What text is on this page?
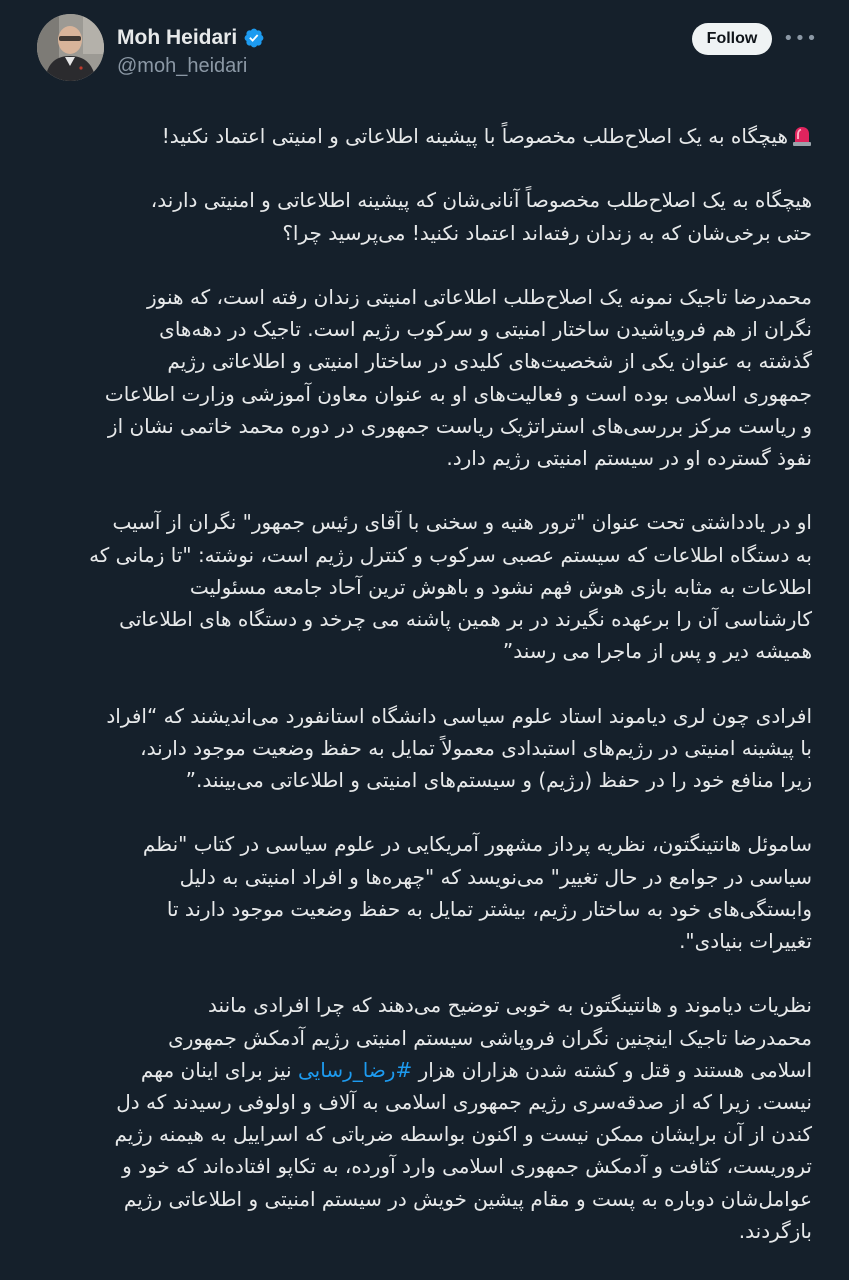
Moh Heidari
@moh_heidari
Follow	•••

هیچگاه به یک اصلاح‌طلب مخصوصاً با پیشینه اطلاعاتی و امنیتی اعتماد نکنید!

هیچگاه به یک اصلاح‌طلب مخصوصاً آنانی‌شان که پیشینه اطلاعاتی و امنیتی دارند،
حتی برخی‌شان که به زندان رفته‌اند اعتماد نکنید! می‌پرسید چرا؟

محمدرضا تاجیک نمونه یک اصلاح‌طلب اطلاعاتی امنیتی زندان رفته است، که هنوز
نگران از هم فروپاشیدن ساختار امنیتی و سرکوب رژیم است. تاجیک در دهه‌های
گذشته به عنوان یکی از شخصیت‌های کلیدی در ساختار امنیتی و اطلاعاتی رژیم
جمهوری اسلامی بوده است و فعالیت‌های او به عنوان معاون آموزشی وزارت اطلاعات
و ریاست مرکز بررسی‌های استراتژیک ریاست جمهوری در دوره محمد خاتمی نشان از
نفوذ گسترده او در سیستم امنیتی رژیم دارد.

او در یادداشتی تحت عنوان "ترور هنیه و سخنی با آقای رئیس جمهور" نگران از آسیب
به دستگاه اطلاعات که سیستم عصبی سرکوب و کنترل رژیم است، نوشته: "تا زمانی که
اطلاعات به مثابه بازی هوش فهم نشود و باهوش ترین آحاد جامعه مسئولیت
کارشناسی آن را برعهده نگیرند در بر همین پاشنه می چرخد و دستگاه های اطلاعاتی
همیشه دیر و پس از ماجرا می رسند”

افرادی چون لری دیاموند استاد علوم سیاسی دانشگاه استانفورد می‌اندیشند که “افراد
با پیشینه امنیتی در رژیم‌های استبدادی معمولاً تمایل به حفظ وضعیت موجود دارند،
زیرا منافع خود را در حفظ (رژیم) و سیستم‌های امنیتی و اطلاعاتی می‌بینند.”

ساموئل هانتینگتون، نظریه پرداز مشهور آمریکایی در علوم سیاسی در کتاب "نظم
سیاسی در جوامع در حال تغییر" می‌نویسد که "چهره‌ها و افراد امنیتی به دلیل
وابستگی‌های خود به ساختار رژیم، بیشتر تمایل به حفظ وضعیت موجود دارند تا
تغییرات بنیادی".

نظریات دیاموند و هانتینگتون به خوبی توضیح می‌دهند که چرا افرادی مانند
محمدرضا تاجیک اینچنین نگران فروپاشی سیستم امنیتی رژیم آدمکش جمهوری
اسلامی هستند و قتل و کشته شدن هزاران هزار #رضا_رسایی نیز برای اینان مهم
نیست. زیرا که از صدقه‌سری رژیم جمهوری اسلامی به آلاف و اولوفی رسیدند که دل
کندن از آن برایشان ممکن نیست و اکنون بواسطه ضرباتی که اسراییل به هیمنه رژیم
تروریست، کثافت و آدمکش جمهوری اسلامی وارد آورده، به تکاپو افتاده‌اند که خود و
عوامل‌شان دوباره به پست و مقام پیشین خویش در سیستم امنیتی و اطلاعاتی رژیم
بازگردند.
